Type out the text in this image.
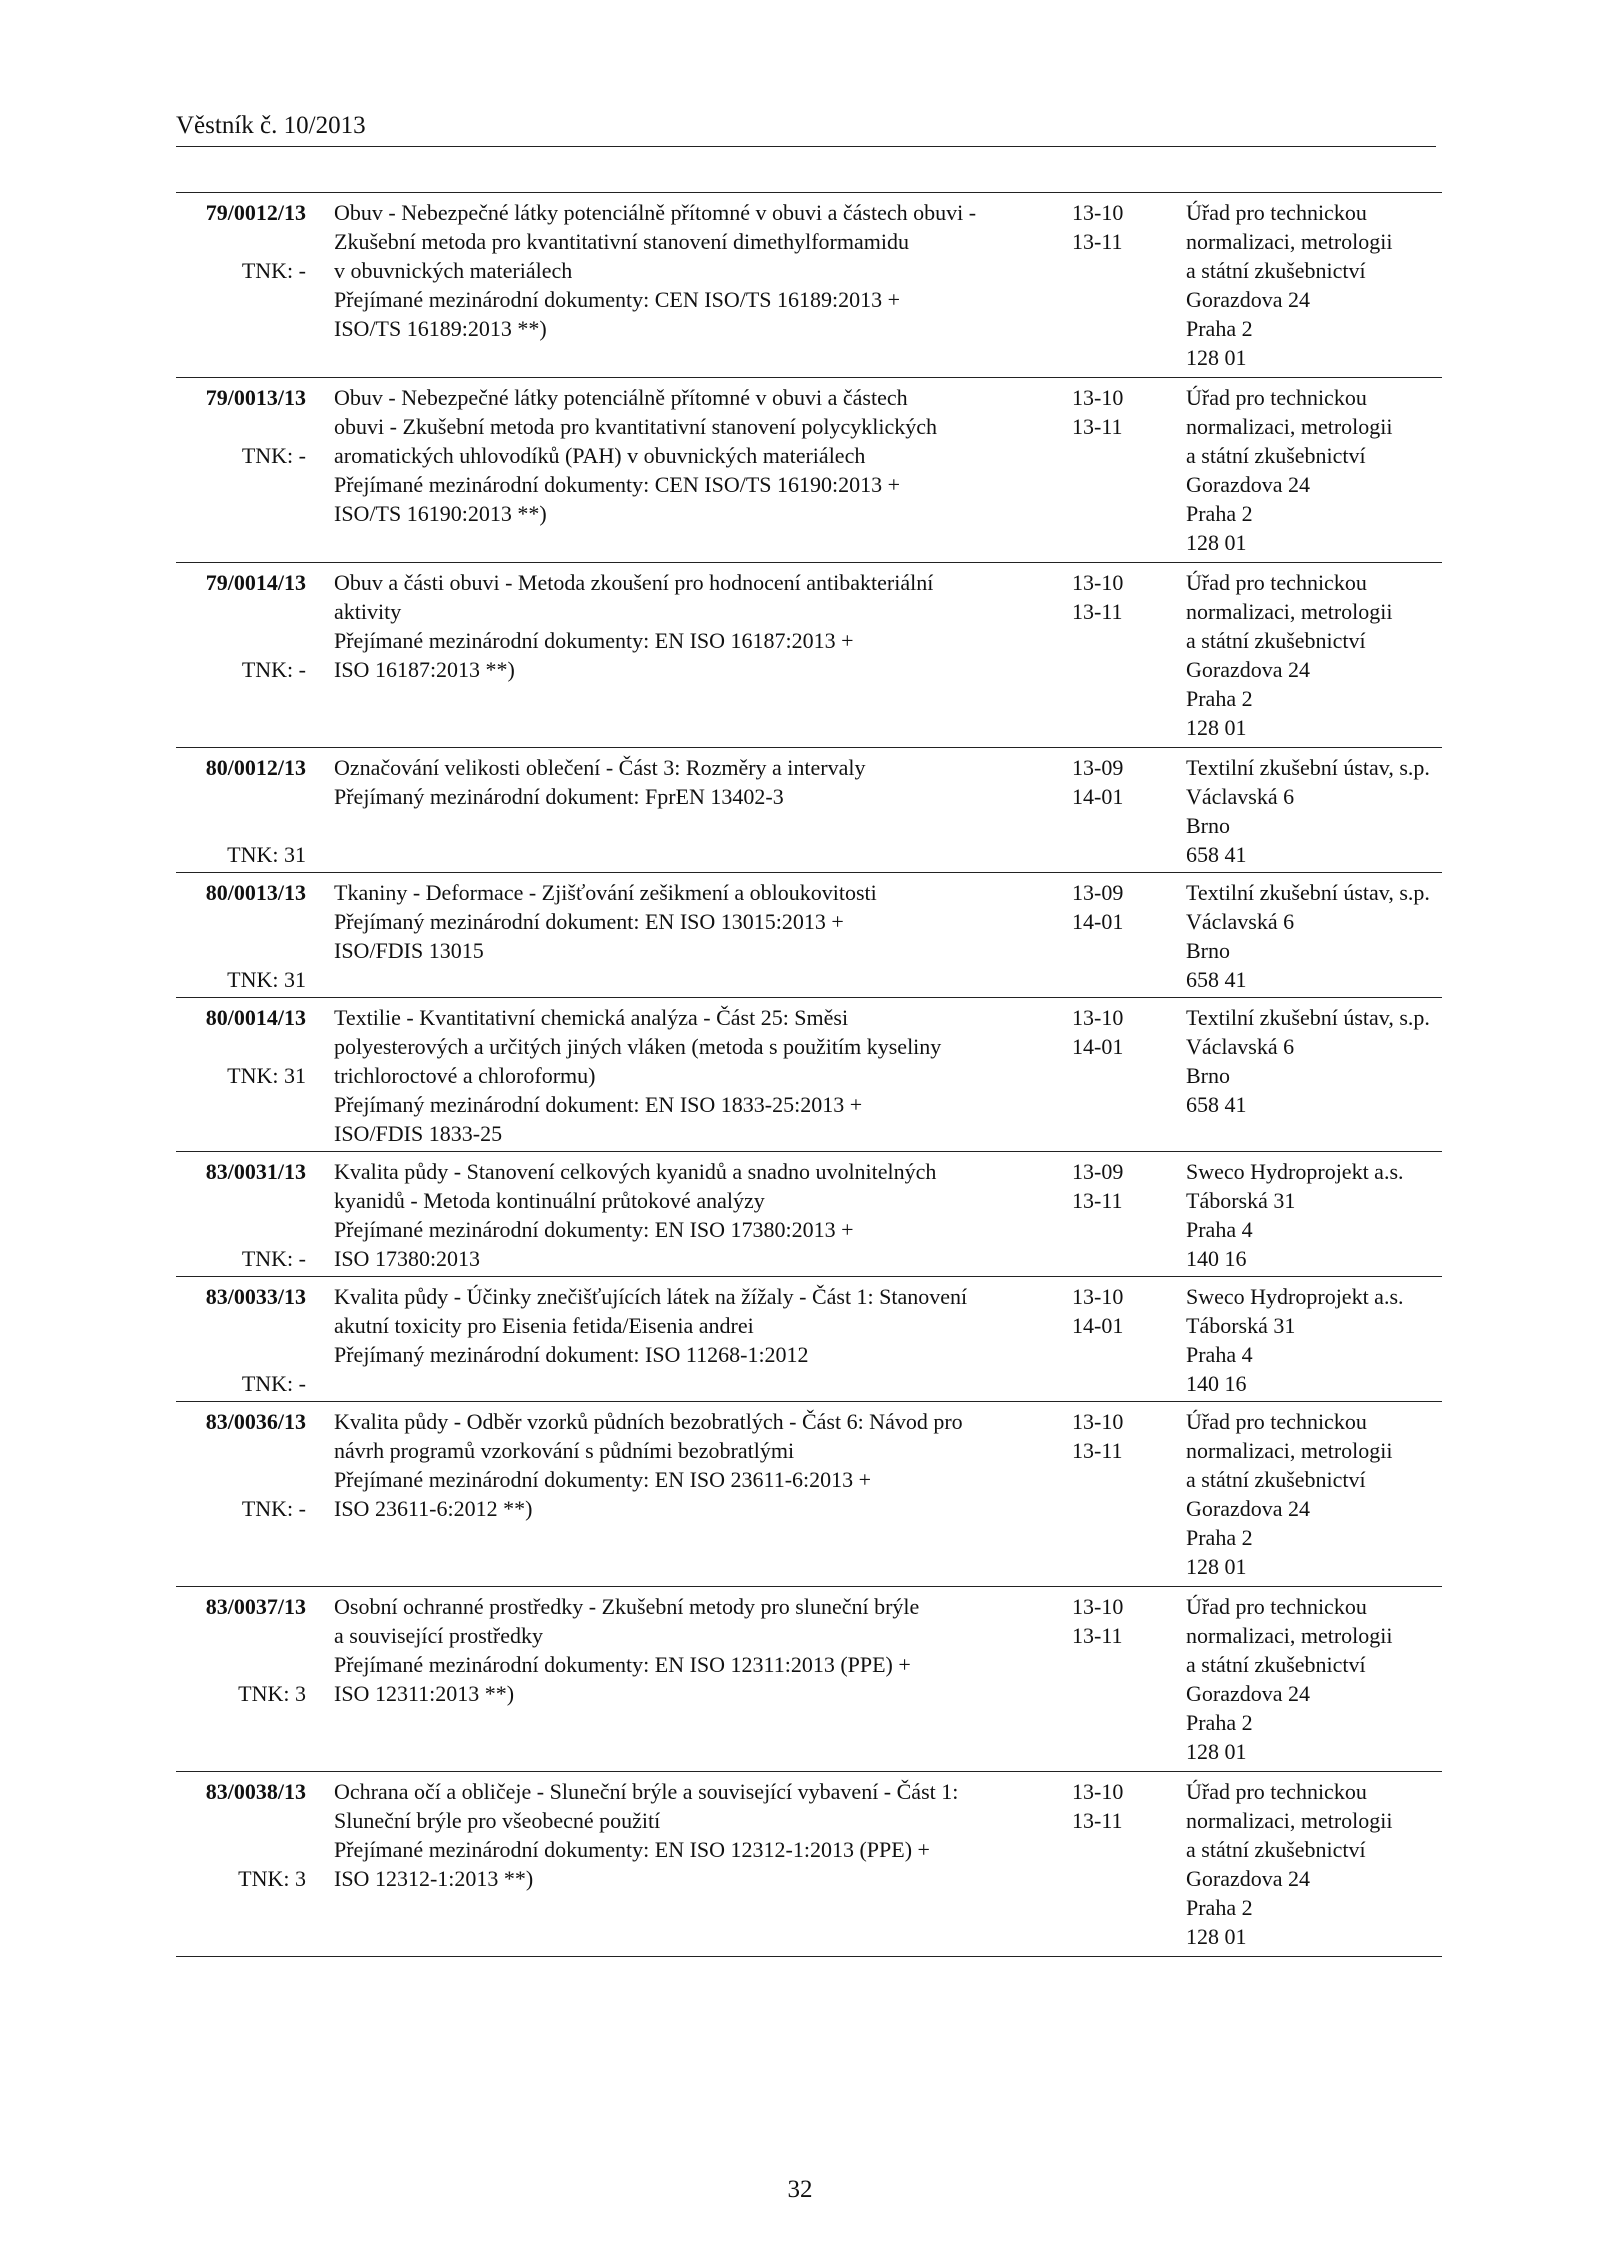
Věstník č. 10/2013
79/0012/13
TNK: -
Obuv - Nebezpečné látky potenciálně přítomné v obuvi a částech obuvi -
Zkušební metoda pro kvantitativní stanovení dimethylformamidu
v obuvnických materiálech
Přejímané mezinárodní dokumenty: CEN ISO/TS 16189:2013 +
ISO/TS 16189:2013 **)
13-10
13-11
Úřad pro technickou
normalizaci, metrologii
a státní zkušebnictví
Gorazdova 24
Praha 2
128 01
79/0013/13
TNK: -
Obuv - Nebezpečné látky potenciálně přítomné v obuvi a částech
obuvi - Zkušební metoda pro kvantitativní stanovení polycyklických
aromatických uhlovodíků (PAH) v obuvnických materiálech
Přejímané mezinárodní dokumenty: CEN ISO/TS 16190:2013 +
ISO/TS 16190:2013 **)
13-10
13-11
Úřad pro technickou
normalizaci, metrologii
a státní zkušebnictví
Gorazdova 24
Praha 2
128 01
79/0014/13
TNK: -
Obuv a části obuvi - Metoda zkoušení pro hodnocení antibakteriální
aktivity
Přejímané mezinárodní dokumenty: EN ISO 16187:2013 +
ISO 16187:2013 **)
13-10
13-11
Úřad pro technickou
normalizaci, metrologii
a státní zkušebnictví
Gorazdova 24
Praha 2
128 01
80/0012/13
TNK: 31
Označování velikosti oblečení - Část 3: Rozměry a intervaly
Přejímaný mezinárodní dokument: FprEN 13402-3
13-09
14-01
Textilní zkušební ústav, s.p.
Václavská 6
Brno
658 41
80/0013/13
TNK: 31
Tkaniny - Deformace - Zjišťování zešikmení a obloukovitosti
Přejímaný mezinárodní dokument: EN ISO 13015:2013 +
ISO/FDIS 13015
13-09
14-01
Textilní zkušební ústav, s.p.
Václavská 6
Brno
658 41
80/0014/13
TNK: 31
Textilie - Kvantitativní chemická analýza - Část 25: Směsi
polyesterových a určitých jiných vláken (metoda s použitím kyseliny
trichloroctové a chloroformu)
Přejímaný mezinárodní dokument: EN ISO 1833-25:2013 +
ISO/FDIS 1833-25
13-10
14-01
Textilní zkušební ústav, s.p.
Václavská 6
Brno
658 41
83/0031/13
TNK: -
Kvalita půdy - Stanovení celkových kyanidů a snadno uvolnitelných
kyanidů - Metoda kontinuální průtokové analýzy
Přejímané mezinárodní dokumenty: EN ISO 17380:2013 +
ISO 17380:2013
13-09
13-11
Sweco Hydroprojekt a.s.
Táborská 31
Praha 4
140 16
83/0033/13
TNK: -
Kvalita půdy - Účinky znečišťujících látek na žížaly - Část 1: Stanovení
akutní toxicity pro Eisenia fetida/Eisenia andrei
Přejímaný mezinárodní dokument: ISO 11268-1:2012
13-10
14-01
Sweco Hydroprojekt a.s.
Táborská 31
Praha 4
140 16
83/0036/13
TNK: -
Kvalita půdy - Odběr vzorků půdních bezobratlých - Část 6: Návod pro
návrh programů vzorkování s půdními bezobratlými
Přejímané mezinárodní dokumenty: EN ISO 23611-6:2013 +
ISO 23611-6:2012 **)
13-10
13-11
Úřad pro technickou
normalizaci, metrologii
a státní zkušebnictví
Gorazdova 24
Praha 2
128 01
83/0037/13
TNK: 3
Osobní ochranné prostředky - Zkušební metody pro sluneční brýle
a související prostředky
Přejímané mezinárodní dokumenty: EN ISO 12311:2013 (PPE) +
ISO 12311:2013 **)
13-10
13-11
Úřad pro technickou
normalizaci, metrologii
a státní zkušebnictví
Gorazdova 24
Praha 2
128 01
83/0038/13
TNK: 3
Ochrana očí a obličeje - Sluneční brýle a související vybavení - Část 1:
Sluneční brýle pro všeobecné použití
Přejímané mezinárodní dokumenty: EN ISO 12312-1:2013 (PPE) +
ISO 12312-1:2013 **)
13-10
13-11
Úřad pro technickou
normalizaci, metrologii
a státní zkušebnictví
Gorazdova 24
Praha 2
128 01
32
